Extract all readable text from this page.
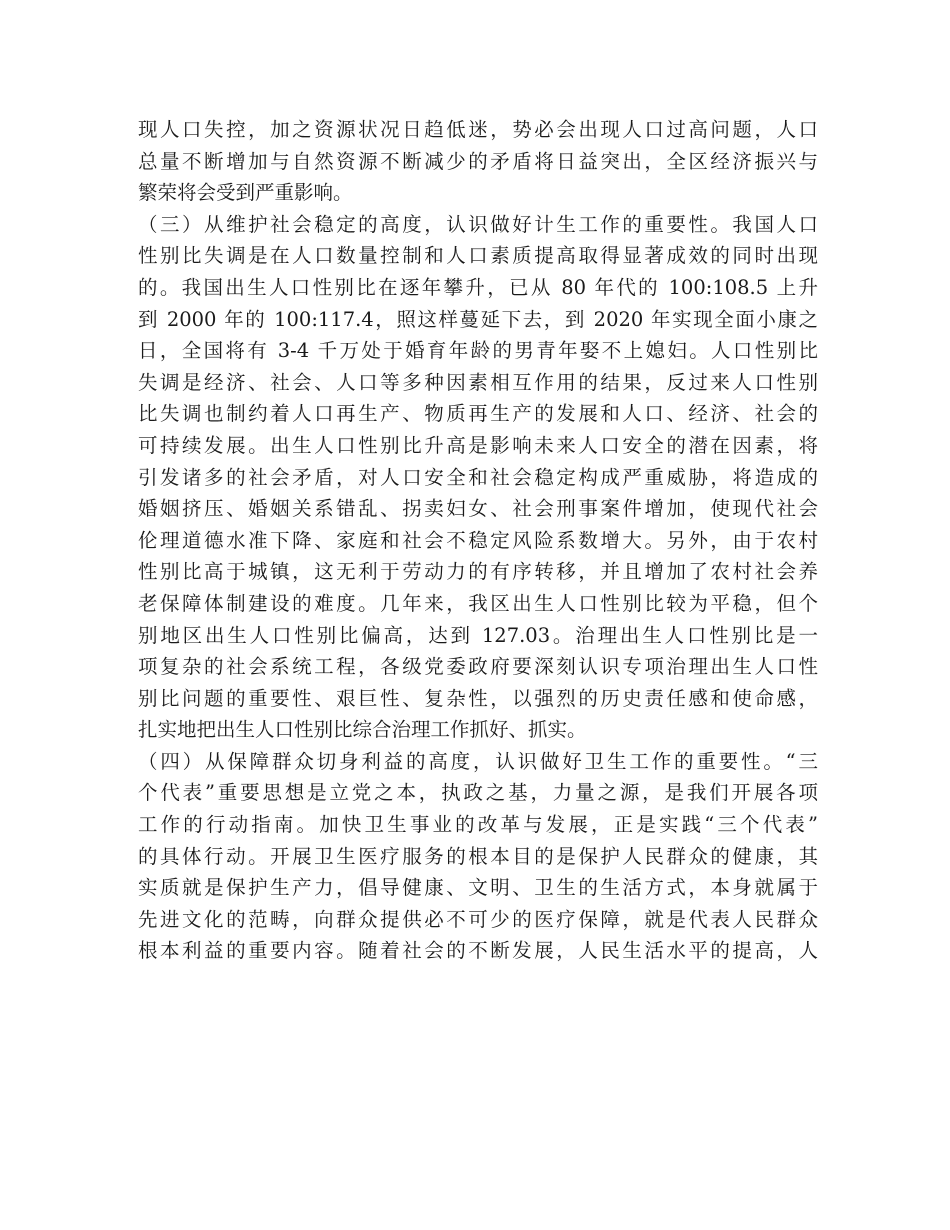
现人口失控，加之资源状况日趋低迷，势必会出现人口过高问题，人口
总量不断增加与自然资源不断减少的矛盾将日益突出，全区经济振兴与
繁荣将会受到严重影响。
（三）从维护社会稳定的高度，认识做好计生工作的重要性。我国人口
性别比失调是在人口数量控制和人口素质提高取得显著成效的同时出现
的。我国出生人口性别比在逐年攀升，已从 80 年代的 100:108.5 上升
到 2000 年的 100:117.4，照这样蔓延下去，到 2020 年实现全面小康之
日，全国将有 3-4 千万处于婚育年龄的男青年娶不上媳妇。人口性别比
失调是经济、社会、人口等多种因素相互作用的结果，反过来人口性别
比失调也制约着人口再生产、物质再生产的发展和人口、经济、社会的
可持续发展。出生人口性别比升高是影响未来人口安全的潜在因素，将
引发诸多的社会矛盾，对人口安全和社会稳定构成严重威胁，将造成的
婚姻挤压、婚姻关系错乱、拐卖妇女、社会刑事案件增加，使现代社会
伦理道德水准下降、家庭和社会不稳定风险系数增大。另外，由于农村
性别比高于城镇，这无利于劳动力的有序转移，并且增加了农村社会养
老保障体制建设的难度。几年来，我区出生人口性别比较为平稳，但个
别地区出生人口性别比偏高，达到 127.03。治理出生人口性别比是一
项复杂的社会系统工程，各级党委政府要深刻认识专项治理出生人口性
别比问题的重要性、艰巨性、复杂性，以强烈的历史责任感和使命感，
扎实地把出生人口性别比综合治理工作抓好、抓实。
（四）从保障群众切身利益的高度，认识做好卫生工作的重要性。“三
个代表”重要思想是立党之本，执政之基，力量之源，是我们开展各项
工作的行动指南。加快卫生事业的改革与发展，正是实践“三个代表”
的具体行动。开展卫生医疗服务的根本目的是保护人民群众的健康，其
实质就是保护生产力，倡导健康、文明、卫生的生活方式，本身就属于
先进文化的范畴，向群众提供必不可少的医疗保障，就是代表人民群众
根本利益的重要内容。随着社会的不断发展，人民生活水平的提高，人
